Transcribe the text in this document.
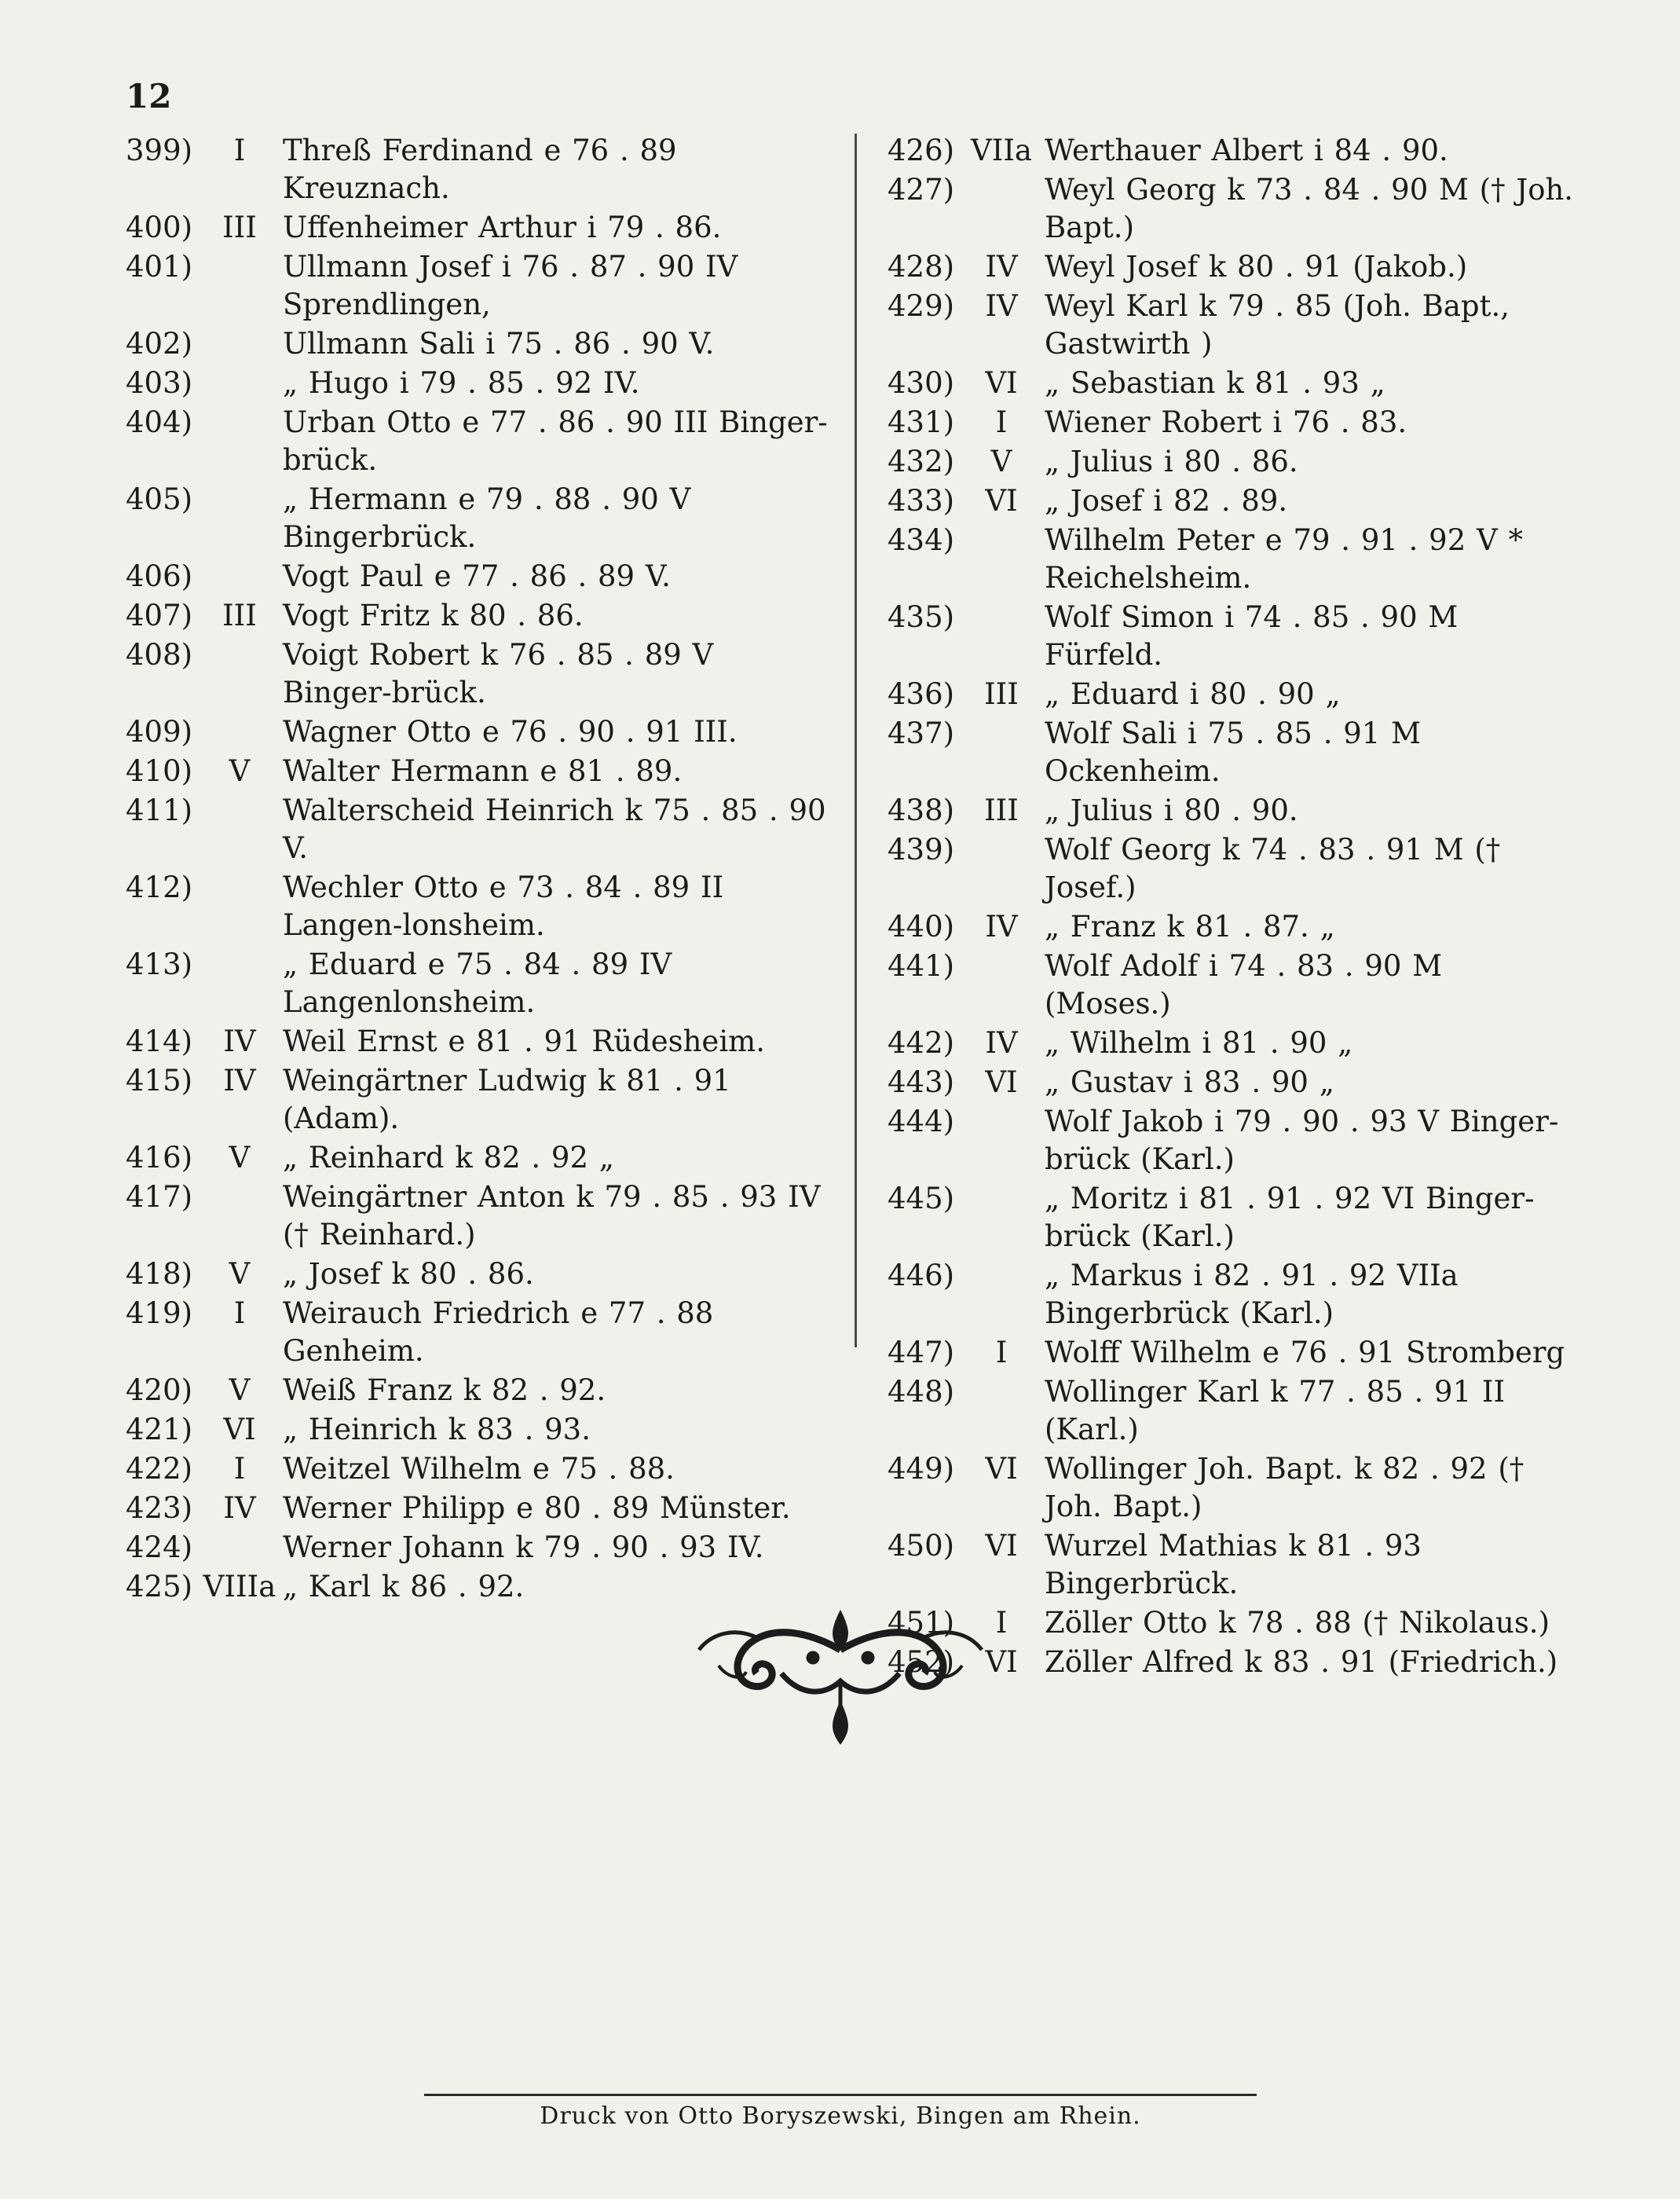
12
399)	I	Threß Ferdinand e 76 . 89 Kreuznach.
400)	III Uffenheimer Arthur i 79 . 86.
401)	Ullmann Josef i 76 . 87 . 90 IV Sprendlingen,
402)	Ullmann Sali i 75 . 86 . 90 V.
403)	„ Hugo i 79 . 85 . 92 IV.
404)	Urban Otto e 77 . 86 . 90 III Binger-brück.
405)	„ Hermann e 79 . 88 . 90 V Bingerbrück.
406)	Vogt Paul e 77 . 86 . 89 V.
407)	III Vogt Fritz k 80 . 86.
408)	Voigt Robert k 76 . 85 . 89 V Binger-brück.
409)	Wagner Otto e 76 . 90 . 91 III.
410)	V	Walter Hermann e 81 . 89.
411)	Walterscheid Heinrich k 75 . 85 . 90 V.
412)	Wechler Otto e 73 . 84 . 89 II Langen-lonsheim.
413)	„ Eduard e 75 . 84 . 89 IV Langenlonsheim.
414)	IV Weil Ernst e 81 . 91 Rüdesheim.
415)	IV Weingärtner Ludwig k 81 . 91 (Adam).
416)	V	„ Reinhard k 82 . 92 „
417)	Weingärtner Anton k 79 . 85 . 93 IV († Reinhard.)
418)	V	„ Josef k 80 . 86.
419)	I	Weirauch Friedrich e 77 . 88 Genheim.
420)	V	Weiß Franz k 82 . 92.
421)	VI „ Heinrich k 83 . 93.
422)	I	Weitzel Wilhelm e 75 . 88.
423)	IV Werner Philipp e 80 . 89 Münster.
424)	Werner Johann k 79 . 90 . 93 IV.
425) VIIIa „ Karl k 86 . 92.
426) VIIa Werthauer Albert i 84 . 90.
427)	Weyl Georg k 73 . 84 . 90 M († Joh. Bapt.)
428)	IV Weyl Josef k 80 . 91 (Jakob.)
429)	IV Weyl Karl k 79 . 85 (Joh. Bapt., Gastwirth )
430)	VI „ Sebastian k 81 . 93 „
431)	I	Wiener Robert i 76 . 83.
432)	V	„ Julius i 80 . 86.
433)	VI „ Josef i 82 . 89.
434)	Wilhelm Peter e 79 . 91 . 92 V * Reichelsheim.
435)	Wolf Simon i 74 . 85 . 90 M Fürfeld.
436)	III „ Eduard i 80 . 90 „
437)	Wolf Sali i 75 . 85 . 91 M Ockenheim.
438)	III „ Julius i 80 . 90.
439)	Wolf Georg k 74 . 83 . 91 M († Josef.)
440)	IV „ Franz k 81 . 87. „
441)	Wolf Adolf i 74 . 83 . 90 M (Moses.)
442)	IV „ Wilhelm i 81 . 90 „
443)	VI „ Gustav i 83 . 90 „
444)	Wolf Jakob i 79 . 90 . 93 V Binger-brück (Karl.)
445)	„ Moritz i 81 . 91 . 92 VI Binger-brück (Karl.)
446)	„ Markus i 82 . 91 . 92 VIIa Bingerbrück (Karl.)
447)	I	Wolff Wilhelm e 76 . 91 Stromberg
448)	Wollinger Karl k 77 . 85 . 91 II (Karl.)
449)	VI Wollinger Joh. Bapt. k 82 . 92 († Joh. Bapt.)
450)	VI Wurzel Mathias k 81 . 93 Bingerbrück.
451)	I	Zöller Otto k 78 . 88 († Nikolaus.)
452)	VI Zöller Alfred k 83 . 91 (Friedrich.)
Druck von Otto Boryszewski, Bingen am Rhein.
